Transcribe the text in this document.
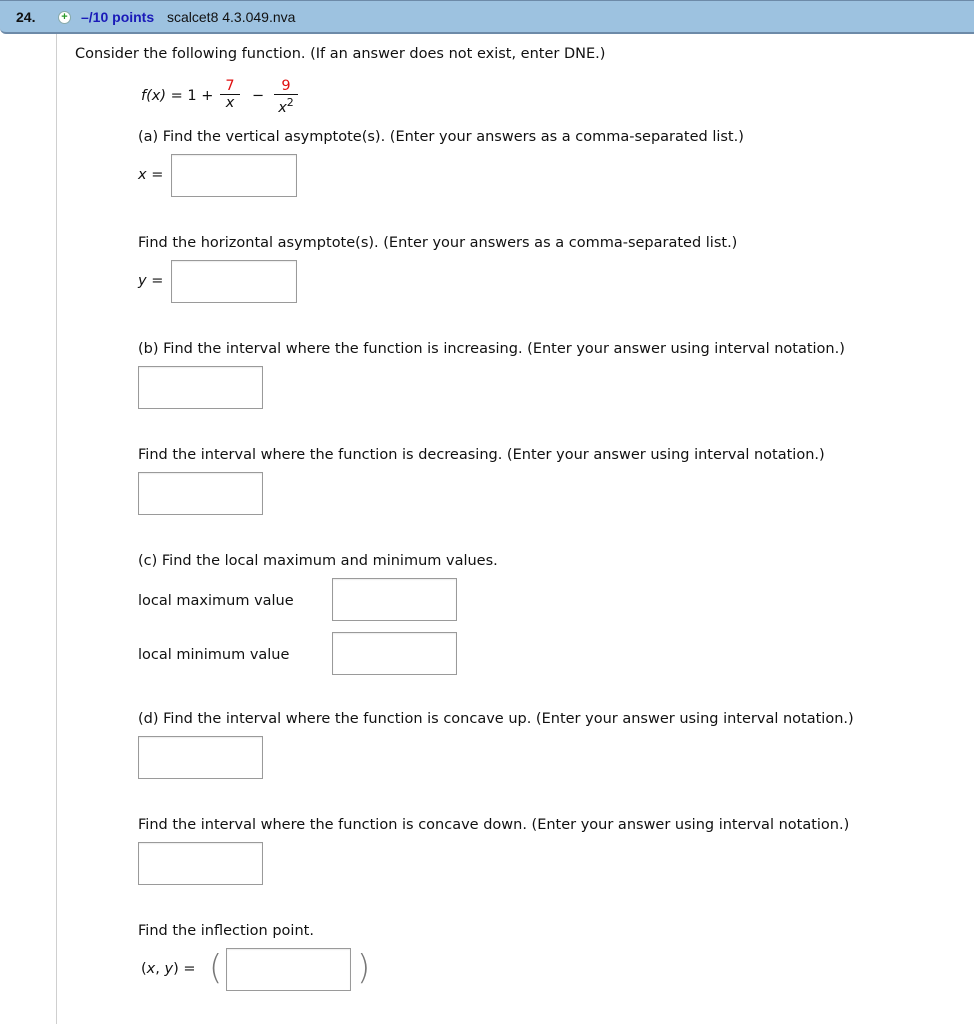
24. + –/10 points scalcet8 4.3.049.nva
Consider the following function. (If an answer does not exist, enter DNE.)
f(x) = 1 +
7
x	−
9
$x^2$
(a) Find the vertical asymptote(s). (Enter your answers as a comma-separated list.)
x =
Find the horizontal asymptote(s). (Enter your answers as a comma-separated list.)
y =
(b) Find the interval where the function is increasing. (Enter your answer using interval notation.)
Find the interval where the function is decreasing. (Enter your answer using interval notation.)
(c) Find the local maximum and minimum values.
local maximum value
local minimum value
(d) Find the interval where the function is concave up. (Enter your answer using interval notation.)
Find the interval where the function is concave down. (Enter your answer using interval notation.)
Find the inflection point.
(x, y) = (	)
